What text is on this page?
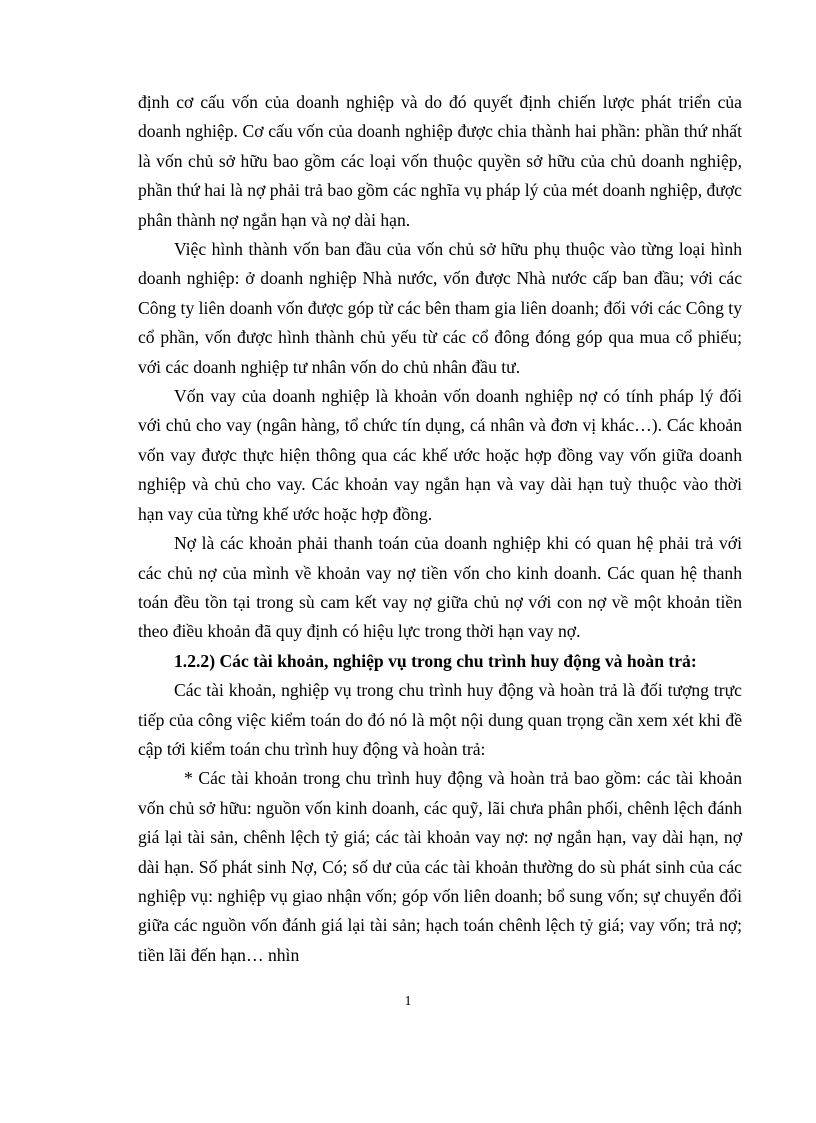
định cơ cấu vốn của doanh nghiệp và do đó quyết định chiến lược phát triển của doanh nghiệp. Cơ cấu vốn của doanh nghiệp được chia thành hai phần: phần thứ nhất là vốn chủ sở hữu bao gồm các loại vốn thuộc quyền sở hữu của chủ doanh nghiệp, phần thứ hai là nợ phải trả bao gồm các nghĩa vụ pháp lý của mét doanh nghiệp, được phân thành nợ ngắn hạn và nợ dài hạn.

Việc hình thành vốn ban đầu của vốn chủ sở hữu phụ thuộc vào từng loại hình doanh nghiệp: ở doanh nghiệp Nhà nước, vốn được Nhà nước cấp ban đầu; với các Công ty liên doanh vốn được góp từ các bên tham gia liên doanh; đối với các Công ty cổ phần, vốn được hình thành chủ yếu từ các cổ đông đóng góp qua mua cổ phiếu; với các doanh nghiệp tư nhân vốn do chủ nhân đầu tư.

Vốn vay của doanh nghiệp là khoản vốn doanh nghiệp nợ có tính pháp lý đối với chủ cho vay (ngân hàng, tổ chức tín dụng, cá nhân và đơn vị khác…). Các khoản vốn vay được thực hiện thông qua các khế ước hoặc hợp đồng vay vốn giữa doanh nghiệp và chủ cho vay. Các khoản vay ngắn hạn và vay dài hạn tuỳ thuộc vào thời hạn vay của từng khế ước hoặc hợp đồng.

Nợ là các khoản phải thanh toán của doanh nghiệp khi có quan hệ phải trả với các chủ nợ của mình về khoản vay nợ tiền vốn cho kinh doanh. Các quan hệ thanh toán đều tồn tại trong sù cam kết vay nợ giữa chủ nợ với con nợ về một khoản tiền theo điều khoản đã quy định có hiệu lực trong thời hạn vay nợ.

1.2.2) Các tài khoản, nghiệp vụ trong chu trình huy động và hoàn trả:

Các tài khoản, nghiệp vụ trong chu trình huy động và hoàn trả là đối tượng trực tiếp của công việc kiểm toán do đó nó là một nội dung quan trọng cần xem xét khi đề cập tới kiểm toán chu trình huy động và hoàn trả:

* Các tài khoản trong chu trình huy động và hoàn trả bao gồm: các tài khoản vốn chủ sở hữu: nguồn vốn kinh doanh, các quỹ, lãi chưa phân phối, chênh lệch đánh giá lại tài sản, chênh lệch tỷ giá; các tài khoản vay nợ: nợ ngắn hạn, vay dài hạn, nợ dài hạn. Số phát sinh Nợ, Có; số dư của các tài khoản thường do sù phát sinh của các nghiệp vụ: nghiệp vụ giao nhận vốn; góp vốn liên doanh; bổ sung vốn; sự chuyển đổi giữa các nguồn vốn đánh giá lại tài sản; hạch toán chênh lệch tỷ giá; vay vốn; trả nợ; tiền lãi đến hạn… nhìn

1
